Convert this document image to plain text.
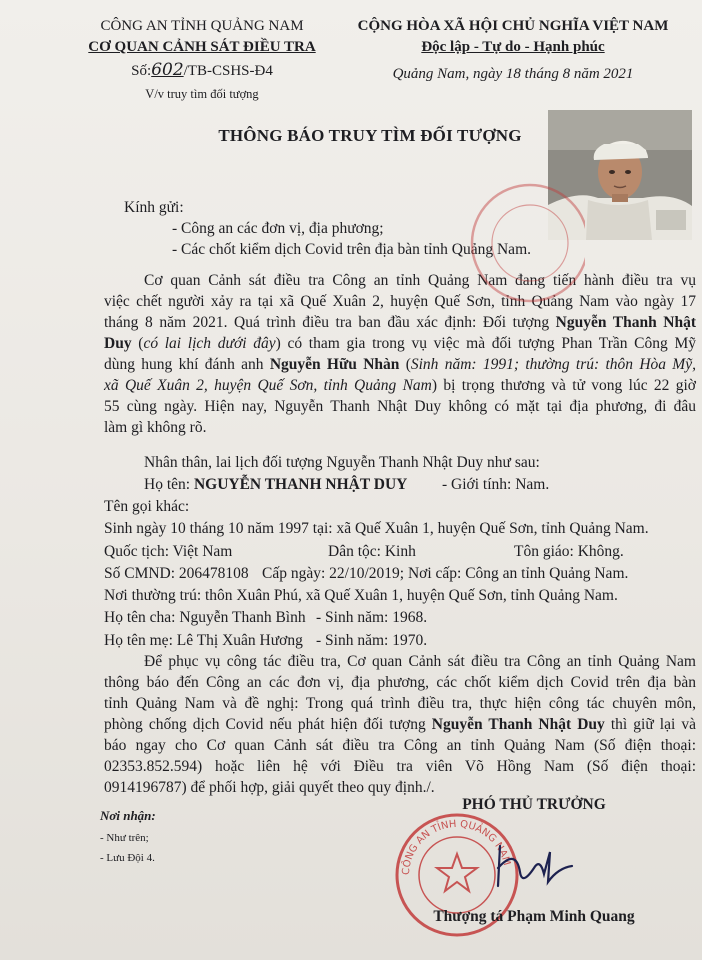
CÔNG AN TỈNH QUẢNG NAM
CƠ QUAN CẢNH SÁT ĐIỀU TRA
Số:602/TB-CSHS-Đ4
V/v truy tìm đối tượng
CỘNG HÒA XÃ HỘI CHỦ NGHĨA VIỆT NAM
Độc lập - Tự do - Hạnh phúc
Quảng Nam, ngày 18 tháng 8 năm 2021
THÔNG BÁO TRUY TÌM ĐỐI TƯỢNG
Kính gửi:
- Công an các đơn vị, địa phương;
- Các chốt kiểm dịch Covid trên địa bàn tỉnh Quảng Nam.
Cơ quan Cảnh sát điều tra Công an tỉnh Quảng Nam đang tiến hành điều tra vụ
việc chết người xảy ra tại xã Quế Xuân 2, huyện Quế Sơn, tỉnh Quảng Nam vào ngày 17
tháng 8 năm 2021. Quá trình điều tra ban đầu xác định: Đối tượng Nguyễn Thanh Nhật
Duy (có lai lịch dưới đây) có tham gia trong vụ việc mà đối tượng Phan Trần Công Mỹ
dùng hung khí đánh anh Nguyễn Hữu Nhàn (Sinh năm: 1991; thường trú: thôn Hòa Mỹ,
xã Quế Xuân 2, huyện Quế Sơn, tỉnh Quảng Nam) bị trọng thương và tử vong lúc 22 giờ
55 cùng ngày. Hiện nay, Nguyễn Thanh Nhật Duy không có mặt tại địa phương, đi đâu
làm gì không rõ.
Nhân thân, lai lịch đối tượng Nguyễn Thanh Nhật Duy như sau:
Họ tên: NGUYỄN THANH NHẬT DUY - Giới tính: Nam.
Tên gọi khác:
Sinh ngày 10 tháng 10 năm 1997 tại: xã Quế Xuân 1, huyện Quế Sơn, tỉnh Quảng Nam.
Quốc tịch: Việt Nam	Dân tộc: Kinh	Tôn giáo: Không.
Số CMND: 206478108 Cấp ngày: 22/10/2019; Nơi cấp: Công an tỉnh Quảng Nam.
Nơi thường trú: thôn Xuân Phú, xã Quế Xuân 1, huyện Quế Sơn, tỉnh Quảng Nam.
Họ tên cha: Nguyễn Thanh Bình - Sinh năm: 1968.
Họ tên mẹ: Lê Thị Xuân Hương - Sinh năm: 1970.
Để phục vụ công tác điều tra, Cơ quan Cảnh sát điều tra Công an tỉnh Quảng Nam
thông báo đến Công an các đơn vị, địa phương, các chốt kiểm dịch Covid trên địa bàn
tỉnh Quảng Nam và đề nghị: Trong quá trình điều tra, thực hiện công tác chuyên môn,
phòng chống dịch Covid nếu phát hiện đối tượng Nguyễn Thanh Nhật Duy thì giữ lại và
báo ngay cho Cơ quan Cảnh sát điều tra Công an tỉnh Quảng Nam (Số điện thoại:
02353.852.594) hoặc liên hệ với Điều tra viên Võ Hồng Nam (Số điện thoại:
0914196787) để phối hợp, giải quyết theo quy định./.
Nơi nhận:
- Như trên;
- Lưu Đội 4.
PHÓ THỦ TRƯỞNG
CÔNG AN TỈNH QUẢNG NAM
Thượng tá Phạm Minh Quang
